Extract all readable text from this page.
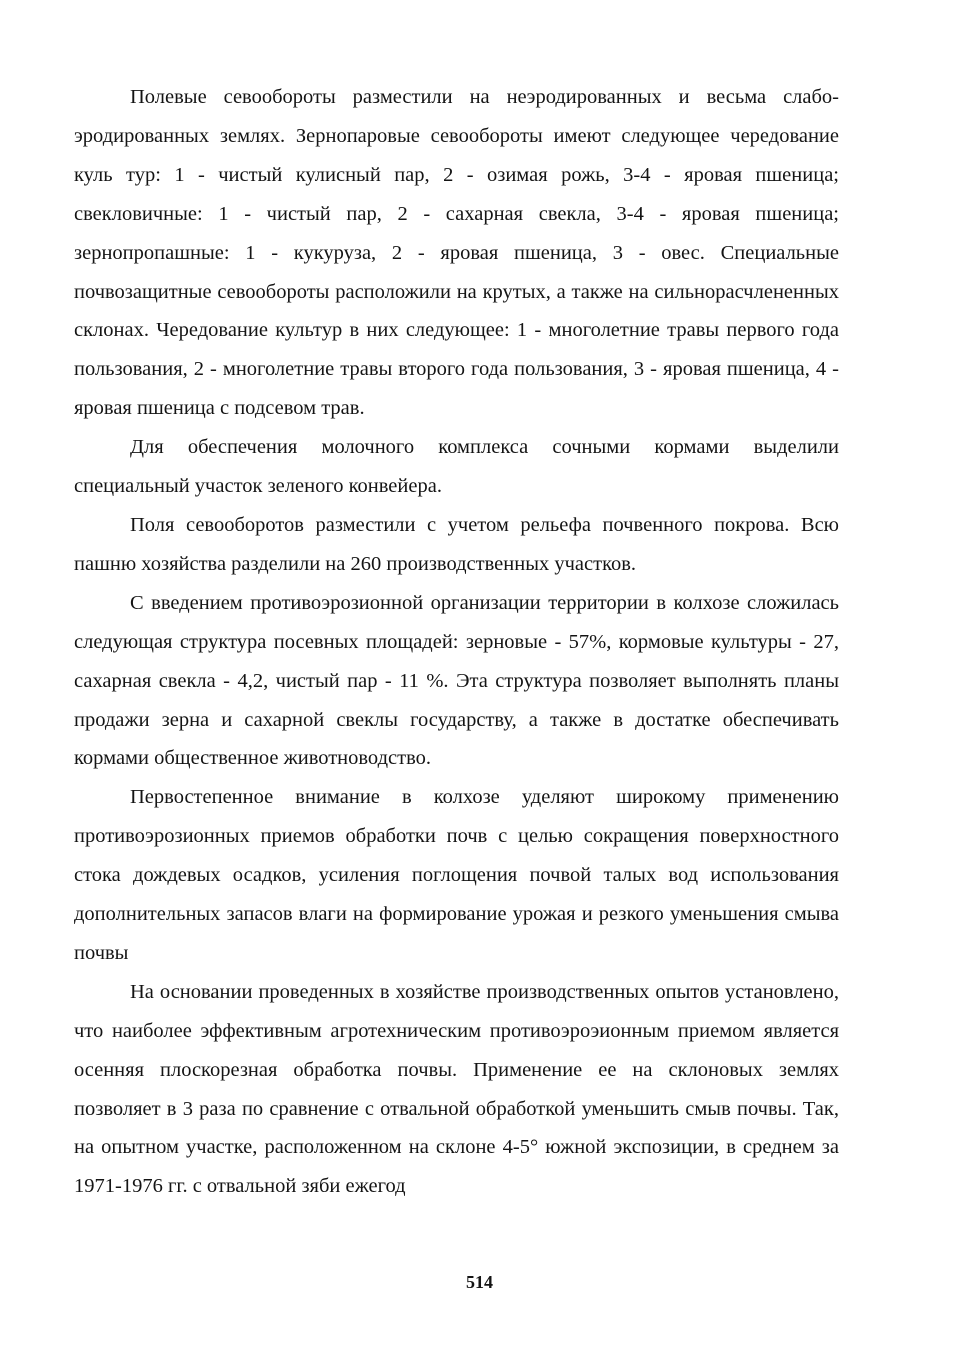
Полевые севообороты разместили на неэродированных и весьма слабоэродированных землях. Зернопаровые севообороты имеют следующее чередование куль тур: 1 - чистый кулисный пар, 2 - озимая рожь, 3-4 - яровая пшеница; свекловичные: 1 - чистый пар, 2 - сахарная свекла, 3-4 - яровая пшеница; зернопропашные: 1 - кукуруза, 2 - яровая пшеница, 3 - овес. Специальные почвозащитные севообороты расположили на крутых, а также на сильнорасчлененных склонах. Чередование культур в них следующее: 1 - многолетние травы первого года пользования, 2 - многолетние травы второго года пользования, 3 - яровая пшеница, 4 - яровая пшеница с подсевом трав.

Для обеспечения молочного комплекса сочными кормами выделили специальный участок зеленого конвейера.

Поля севооборотов разместили с учетом рельефа почвенного покрова. Всю пашню хозяйства разделили на 260 производственных участков.

С введением противоэрозионной организации территории в колхозе сложилась следующая структура посевных площадей: зерновые - 57%, кормовые культуры - 27, сахарная свекла - 4,2, чистый пар - 11 %. Эта структура позволяет выполнять планы продажи зерна и сахарной свеклы государству, а также в достатке обеспечивать кормами общественное животноводство.

Первостепенное внимание в колхозе уделяют широкому применению противоэрозионных приемов обработки почв с целью сокращения поверхностного стока дождевых осадков, усиления поглощения почвой талых вод использования дополнительных запасов влаги на формирование урожая и резкого уменьшения смыва почвы

На основании проведенных в хозяйстве производственных опытов установлено, что наиболее эффективным агротехническим противоэроэионным приемом является осенняя плоскорезная обработка почвы. Применение ее на склоновых землях позволяет в 3 раза по сравнение с отвальной обработкой уменьшить смыв почвы. Так, на опытном участке, расположенном на склоне 4-5° южной экспозиции, в среднем за 1971-1976 гг. с отвальной зяби ежегод

514
